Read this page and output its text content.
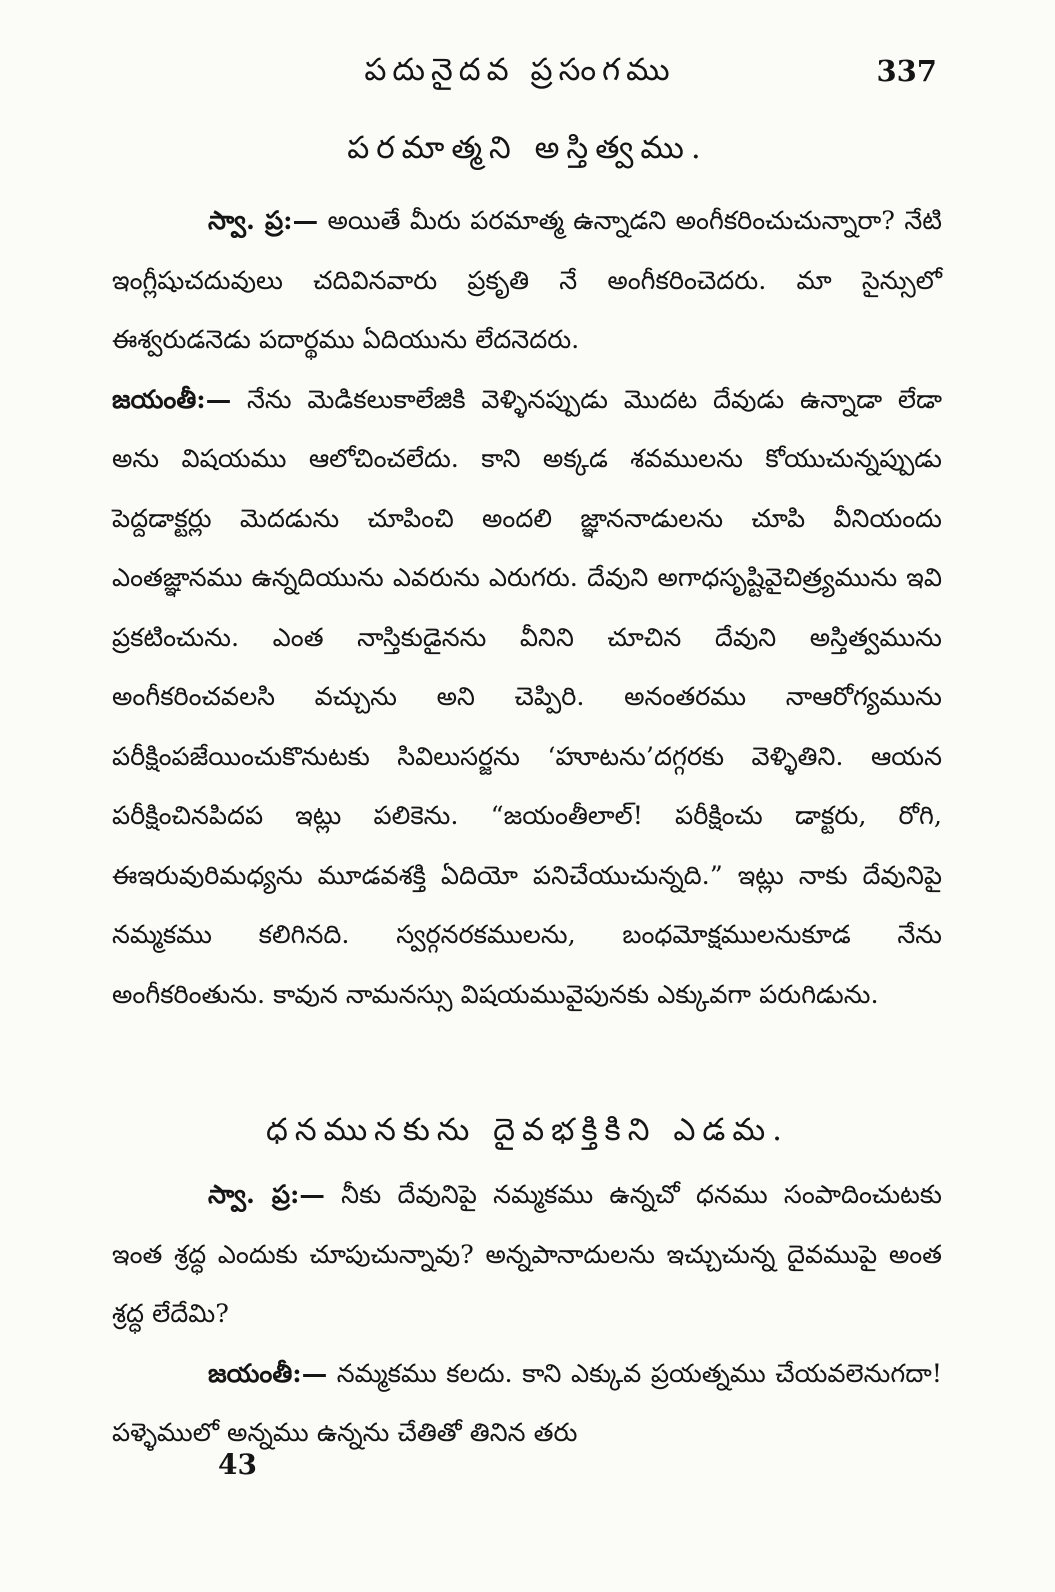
పదునైదవ ప్రసంగము	337
పరమాత్మని అస్తిత్వము.

స్వా. ప్ర:— అయితే మీరు పరమాత్మ ఉన్నాడని అంగీకరించుచున్నారా? నేటి ఇంగ్లీషుచదువులు చదివినవారు ప్రకృతి నే అంగీకరించెదరు. మా సైన్సులో ఈశ్వరుడనెడు పదార్థము ఏదియును లేదనెదరు.

జయంతీ:— నేను మెడికలుకాలేజికి వెళ్ళినప్పుడు మొదట దేవుడు ఉన్నాడా లేడా అను విషయము ఆలోచించలేదు. కాని అక్కడ శవములను కోయుచున్నప్పుడు పెద్దడాక్టర్లు మెదడును చూపించి అందలి జ్ఞాననాడులను చూపి వీనియందు ఎంతజ్ఞానము ఉన్నదియును ఎవరును ఎరుగరు. దేవుని అగాధసృష్టివైచిత్ర్యమును ఇవి ప్రకటించును. ఎంత నాస్తికుడైనను వీనిని చూచిన దేవుని అస్తిత్వమును అంగీకరించవలసి వచ్చును అని చెప్పిరి. అనంతరము నాఆరోగ్యమును పరీక్షింపజేయించుకొనుటకు సివిలుసర్జను ‘హూటను’దగ్గరకు వెళ్ళితిని. ఆయన పరీక్షించినపిదప ఇట్లు పలికెను. “జయంతీలాల్! పరీక్షించు డాక్టరు, రోగి, ఈఇరువురిమధ్యను మూడవశక్తి ఏదియో పనిచేయుచున్నది.” ఇట్లు నాకు దేవునిపై నమ్మకము కలిగినది. స్వర్గనరకములను, బంధమోక్షములనుకూడ నేను అంగీకరింతును. కావున నామనస్సు విషయమువైపునకు ఎక్కువగా పరుగిడును.

ధనమునకును దైవభక్తికిని ఎడమ.

స్వా. ప్ర:— నీకు దేవునిపై నమ్మకము ఉన్నచో ధనము సంపాదించుటకు ఇంత శ్రద్ధ ఎందుకు చూపుచున్నావు? అన్నపానాదులను ఇచ్చుచున్న దైవముపై అంత శ్రద్ధ లేదేమి?

జయంతీ:— నమ్మకము కలదు. కాని ఎక్కువ ప్రయత్నము చేయవలెనుగదా! పళ్ళెములో అన్నము ఉన్నను చేతితో తినిన తరు

43
